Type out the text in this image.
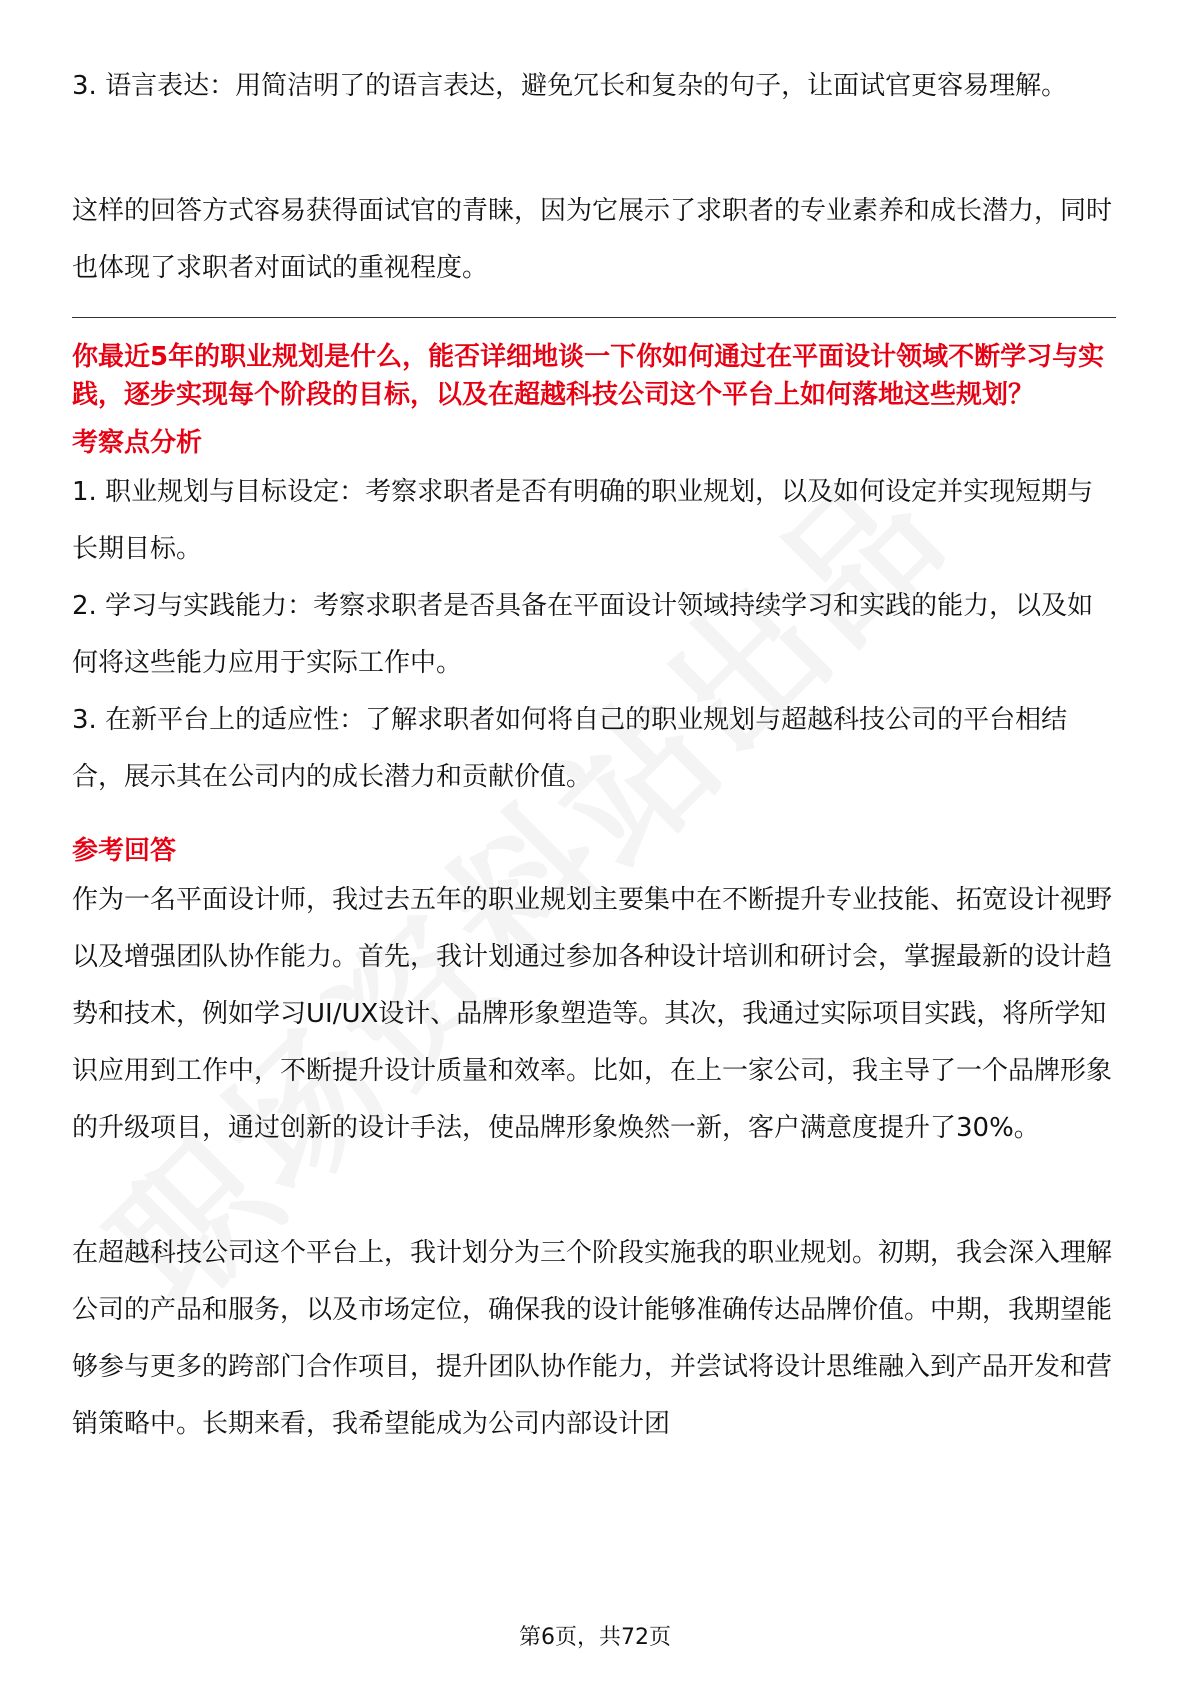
3. 语言表达：用简洁明了的语言表达，避免冗长和复杂的句子，让面试官更容易理解。

这样的回答方式容易获得面试官的青睐，因为它展示了求职者的专业素养和成长潜力，同时也体现了求职者对面试的重视程度。

你最近5年的职业规划是什么，能否详细地谈一下你如何通过在平面设计领域不断学习与实践，逐步实现每个阶段的目标，以及在超越科技公司这个平台上如何落地这些规划？

考察点分析

1. 职业规划与目标设定：考察求职者是否有明确的职业规划，以及如何设定并实现短期与长期目标。

2. 学习与实践能力：考察求职者是否具备在平面设计领域持续学习和实践的能力，以及如何将这些能力应用于实际工作中。

3. 在新平台上的适应性：了解求职者如何将自己的职业规划与超越科技公司的平台相结合，展示其在公司内的成长潜力和贡献价值。

参考回答

作为一名平面设计师，我过去五年的职业规划主要集中在不断提升专业技能、拓宽设计视野以及增强团队协作能力。首先，我计划通过参加各种设计培训和研讨会，掌握最新的设计趋势和技术，例如学习UI/UX设计、品牌形象塑造等。其次，我通过实际项目实践，将所学知识应用到工作中，不断提升设计质量和效率。比如，在上一家公司，我主导了一个品牌形象的升级项目，通过创新的设计手法，使品牌形象焕然一新，客户满意度提升了30%。

在超越科技公司这个平台上，我计划分为三个阶段实施我的职业规划。初期，我会深入理解公司的产品和服务，以及市场定位，确保我的设计能够准确传达品牌价值。中期，我期望能够参与更多的跨部门合作项目，提升团队协作能力，并尝试将设计思维融入到产品开发和营销策略中。长期来看，我希望能成为公司内部设计团

第6页，共72页
